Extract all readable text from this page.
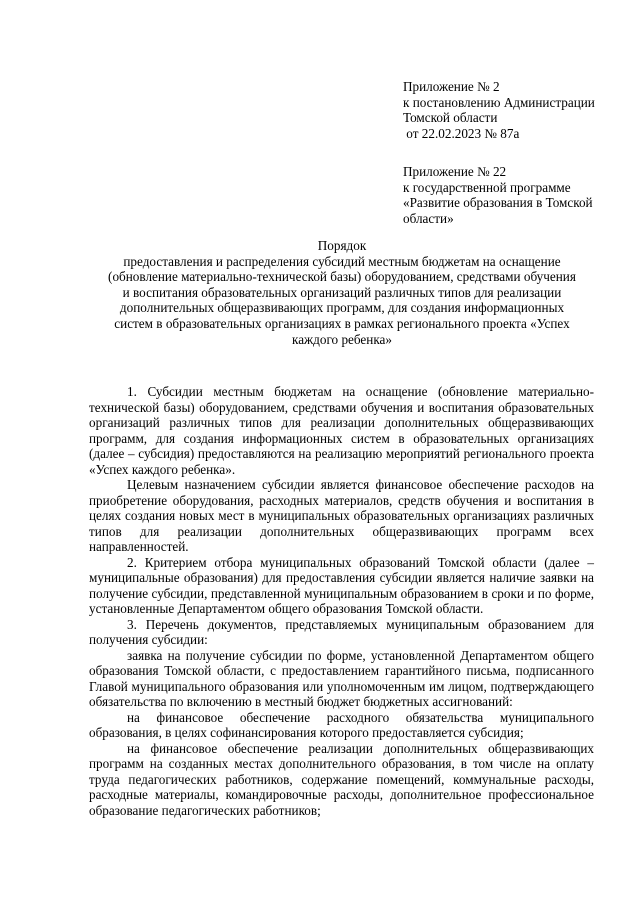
Приложение № 2
к постановлению Администрации
Томской области
от 22.02.2023 № 87а
Приложение № 22
к государственной программе
«Развитие образования в Томской
области»
Порядок
предоставления и распределения субсидий местным бюджетам на оснащение
(обновление материально-технической базы) оборудованием, средствами обучения
и воспитания образовательных организаций различных типов для реализации
дополнительных общеразвивающих программ, для создания информационных
систем в образовательных организациях в рамках регионального проекта «Успех
каждого ребенка»

1. Субсидии местным бюджетам на оснащение (обновление материально-технической базы) оборудованием, средствами обучения и воспитания образовательных организаций различных типов для реализации дополнительных общеразвивающих программ, для создания информационных систем в образовательных организациях (далее – субсидия) предоставляются на реализацию мероприятий регионального проекта «Успех каждого ребенка».

Целевым назначением субсидии является финансовое обеспечение расходов на приобретение оборудования, расходных материалов, средств обучения и воспитания в целях создания новых мест в муниципальных образовательных организациях различных типов для реализации дополнительных общеразвивающих программ всех направленностей.

2. Критерием отбора муниципальных образований Томской области (далее – муниципальные образования) для предоставления субсидии является наличие заявки на получение субсидии, представленной муниципальным образованием в сроки и по форме, установленные Департаментом общего образования Томской области.

3. Перечень документов, представляемых муниципальным образованием для получения субсидии:

заявка на получение субсидии по форме, установленной Департаментом общего образования Томской области, с предоставлением гарантийного письма, подписанного Главой муниципального образования или уполномоченным им лицом, подтверждающего обязательства по включению в местный бюджет бюджетных ассигнований:

на финансовое обеспечение расходного обязательства муниципального образования, в целях софинансирования которого предоставляется субсидия;

на финансовое обеспечение реализации дополнительных общеразвивающих программ на созданных местах дополнительного образования, в том числе на оплату труда педагогических работников, содержание помещений, коммунальные расходы, расходные материалы, командировочные расходы, дополнительное профессиональное образование педагогических работников;
